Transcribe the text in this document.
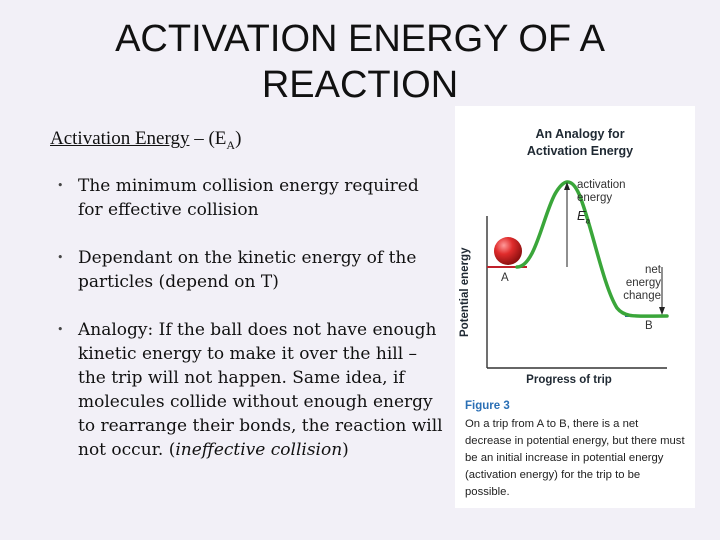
ACTIVATION ENERGY OF A REACTION
Activation Energy – $(E_A)$
• The minimum collision energy required for effective collision
• Dependant on the kinetic energy of the particles (depend on T)
• Analogy: If the ball does not have enough kinetic energy to make it over the hill – the trip will not happen. Same idea, if molecules collide without enough energy to rearrange their bonds, the reaction will not occur. (ineffective collision)
An Analogy for Activation Energy
Potential energy
Progress of trip
activation energy
$E_a$
net energy change
A
B
Figure 3
On a trip from A to B, there is a net decrease in potential energy, but there must be an initial increase in potential energy (activation energy) for the trip to be possible.
